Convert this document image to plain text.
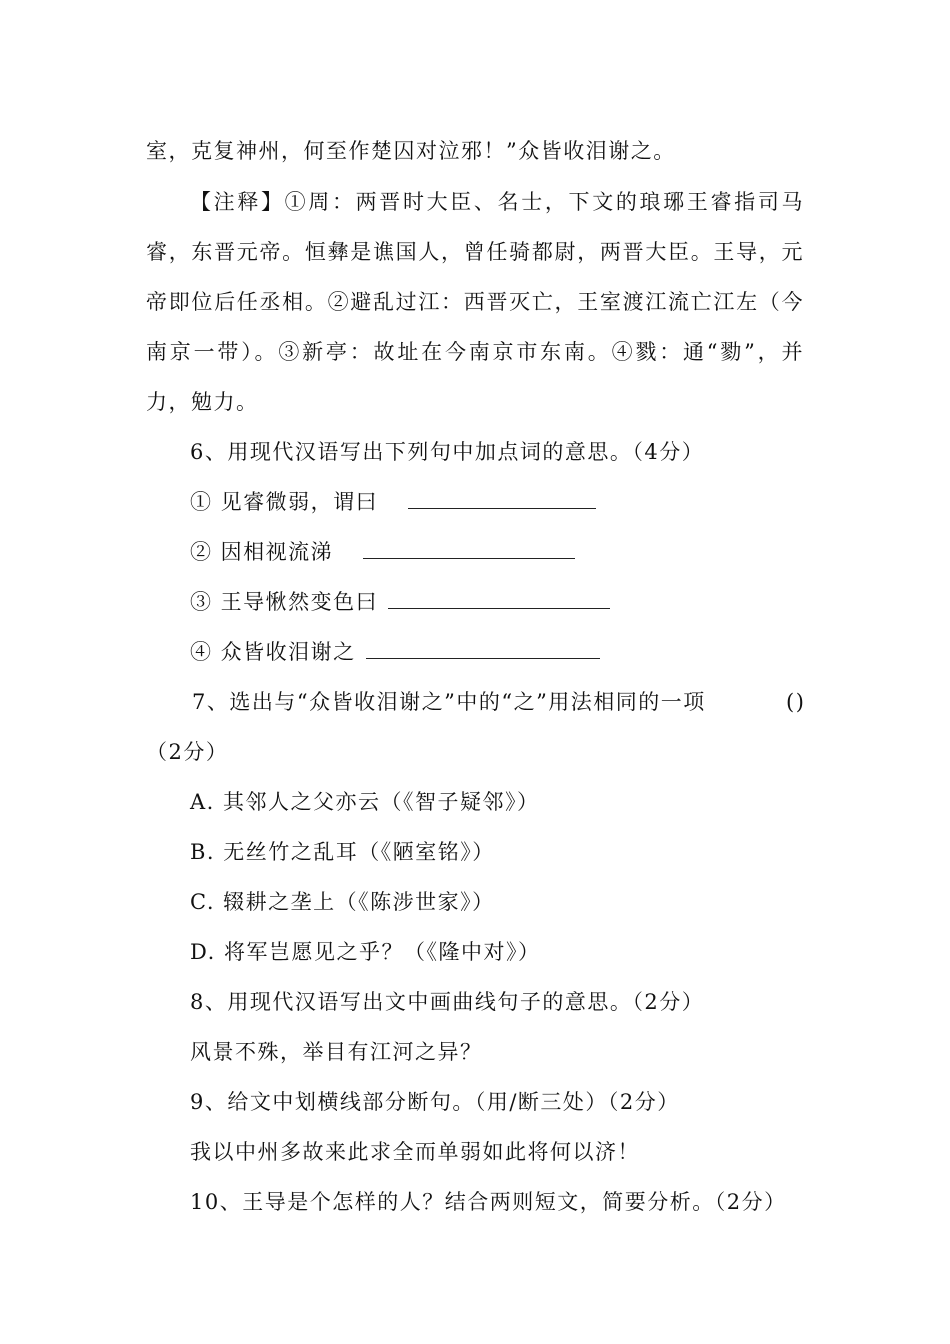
室，克复神州，何至作楚囚对泣邪！”众皆收泪谢之。
【注释】①周：两晋时大臣、名士，下文的琅琊王睿指司马
睿，东晋元帝。恒彝是谯国人，曾任骑都尉，两晋大臣。王导，元
帝即位后任丞相。②避乱过江：西晋灭亡，王室渡江流亡江左（今
南京一带）。③新亭：故址在今南京市东南。④戮：通“勠”，并
力，勉力。
6、用现代汉语写出下列句中加点词的意思。（4分）
① 见睿微弱，谓曰
② 因相视流涕
③ 王导愀然变色曰
④ 众皆收泪谢之
7、选出与“众皆收泪谢之”中的“之”用法相同的一项	()
（2分）
A. 其邻人之父亦云（《智子疑邻》）
B. 无丝竹之乱耳（《陋室铭》）
C. 辍耕之垄上（《陈涉世家》）
D. 将军岂愿见之乎？（《隆中对》）
8、用现代汉语写出文中画曲线句子的意思。（2分）
风景不殊，举目有江河之异？
9、给文中划横线部分断句。（用/断三处）（2分）
我以中州多故来此求全而单弱如此将何以济！
10、王导是个怎样的人？结合两则短文，简要分析。（2分）
